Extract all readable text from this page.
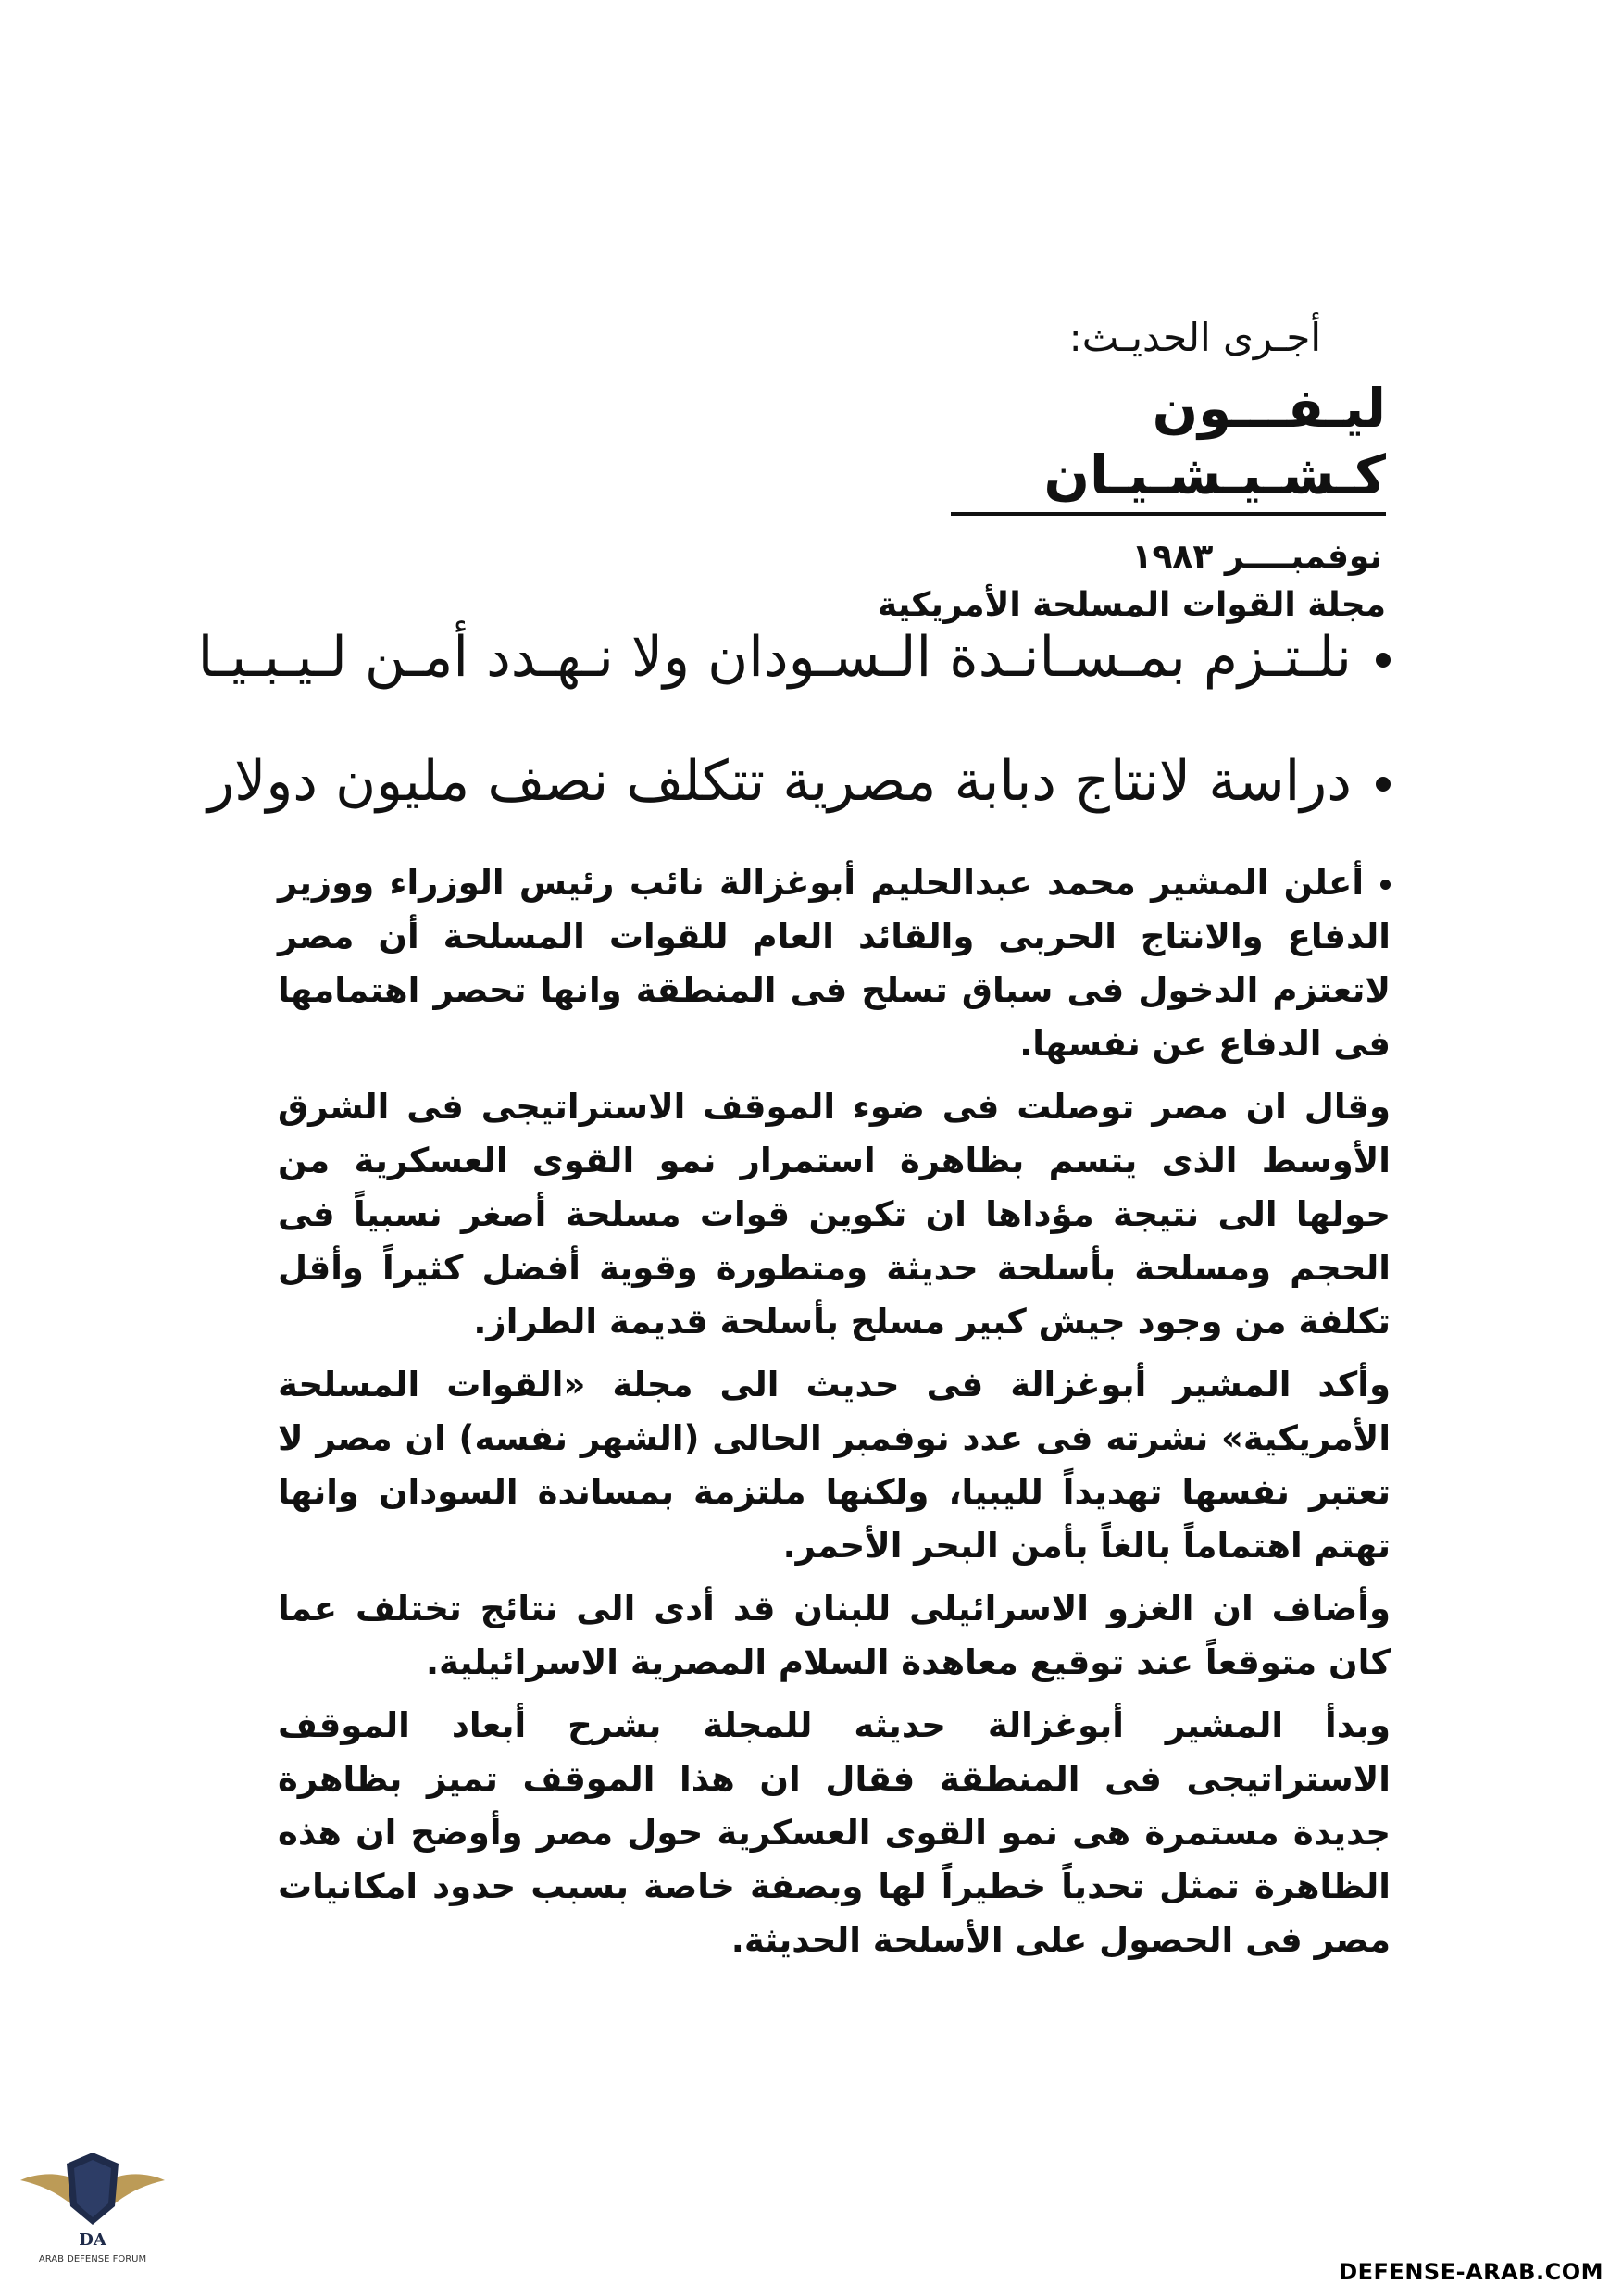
أجـرى الحديـث:
ليـفـــون كـشـيـشـيـان
نوفمبــــر ١٩٨٣
مجلة القوات المسلحة الأمريكية
نلـتـزم بمـسـانـدة الـسـودان ولا نـهـدد أمـن لـيـبـيـا
دراسة لانتاج دبابة مصرية تتكلف نصف مليون دولار

أعلن المشير محمد عبدالحليم أبوغزالة نائب رئيس الوزراء ووزير الدفاع والانتاج الحربى والقائد العام للقوات المسلحة أن مصر لاتعتزم الدخول فى سباق تسلح فى المنطقة وانها تحصر اهتمامها فى الدفاع عن نفسها.

وقال ان مصر توصلت فى ضوء الموقف الاستراتيجى فى الشرق الأوسط الذى يتسم بظاهرة استمرار نمو القوى العسكرية من حولها الى نتيجة مؤداها ان تكوين قوات مسلحة أصغر نسبياً فى الحجم ومسلحة بأسلحة حديثة ومتطورة وقوية أفضل كثيراً وأقل تكلفة من وجود جيش كبير مسلح بأسلحة قديمة الطراز.

وأكد المشير أبوغزالة فى حديث الى مجلة «القوات المسلحة الأمريكية» نشرته فى عدد نوفمبر الحالى (الشهر نفسه) ان مصر لا تعتبر نفسها تهديداً لليبيا، ولكنها ملتزمة بمساندة السودان وانها تهتم اهتماماً بالغاً بأمن البحر الأحمر.

وأضاف ان الغزو الاسرائيلى للبنان قد أدى الى نتائج تختلف عما كان متوقعاً عند توقيع معاهدة السلام المصرية الاسرائيلية.

وبدأ المشير أبوغزالة حديثه للمجلة بشرح أبعاد الموقف الاستراتيجى فى المنطقة فقال ان هذا الموقف تميز بظاهرة جديدة مستمرة هى نمو القوى العسكرية حول مصر وأوضح ان هذه الظاهرة تمثل تحدياً خطيراً لها وبصفة خاصة بسبب حدود امكانيات مصر فى الحصول على الأسلحة الحديثة.

DA
ARAB DEFENSE FORUM	DEFENSE-ARAB.COM
